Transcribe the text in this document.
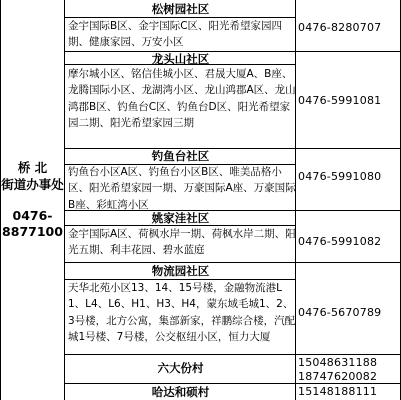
桥 北
街道办事处
0476-
8877100
松树园社区
金宇国际B区、金宇国际C区、阳光希望家园四期、健康家园、万安小区
0476-8280707
龙头山社区
摩尔城小区、铭信佳城小区、君晟大厦A、B座、龙腾国际小区、龙湖湾小区、龙山鸿郡A区、龙山鸿郡B区、钓鱼台C区、钓鱼台D区、阳光希望家园二期、阳光希望家园三期
0476-5991081
钓鱼台社区
钓鱼台小区A区、钓鱼台小区B区、唯美品格小区、阳光希望家园一期、万豪国际A座、万豪国际B座、彩虹湾小区
0476-5991080
姚家洼社区
金宇国际A区、荷枫水岸一期、荷枫水岸二期、阳光五期、利丰花园、碧水蓝庭
0476-5991082
物流园社区
天华北苑小区13、14、15号楼，金融物流港L1、L4、L6、H1、H3、H4，蒙东域毛城1、2、3号楼，北方公寓，集部新家，祥鹏综合楼，汽配城1号楼、7号楼，公交枢纽小区，恒力大厦
0476-5670789
六大份村	15048631188
18747620082
哈达和硕村	15148188111
